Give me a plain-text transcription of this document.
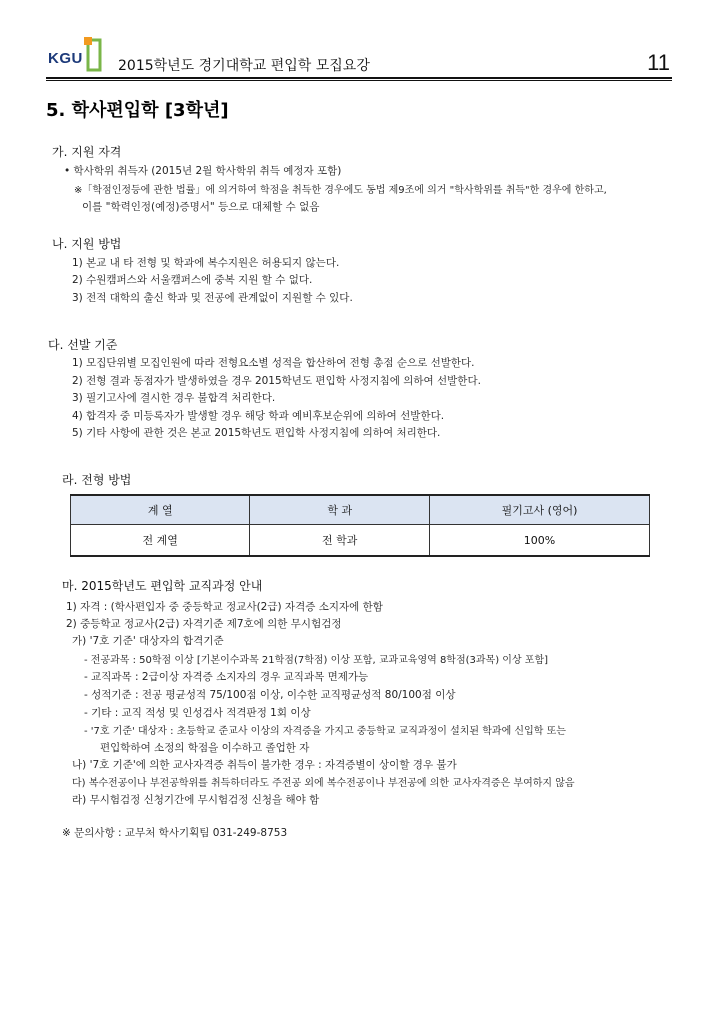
KGU	2015학년도 경기대학교 편입학 모집요강	11
5. 학사편입학 [3학년]
가. 지원 자격
• 학사학위 취득자 (2015년 2월 학사학위 취득 예정자 포함)
※「학점인정등에 관한 법률」에 의거하여 학점을 취득한 경우에도 동법 제9조에 의거 "학사학위를 취득"한 경우에 한하고,
이를 "학력인정(예정)증명서" 등으로 대체할 수 없음
나. 지원 방법
1) 본교 내 타 전형 및 학과에 복수지원은 허용되지 않는다.
2) 수원캠퍼스와 서울캠퍼스에 중복 지원 할 수 없다.
3) 전적 대학의 출신 학과 및 전공에 관계없이 지원할 수 있다.
다. 선발 기준
1) 모집단위별 모집인원에 따라 전형요소별 성적을 합산하여 전형 총점 순으로 선발한다.
2) 전형 결과 동점자가 발생하였을 경우 2015학년도 편입학 사정지침에 의하여 선발한다.
3) 필기고사에 결시한 경우 불합격 처리한다.
4) 합격자 중 미등록자가 발생할 경우 해당 학과 예비후보순위에 의하여 선발한다.
5) 기타 사항에 관한 것은 본교 2015학년도 편입학 사정지침에 의하여 처리한다.
라. 전형 방법
계 열	학 과	필기고사 (영어)
전 계열	전 학과	100%
마. 2015학년도 편입학 교직과정 안내
1) 자격 : (학사편입자 중 중등학교 정교사(2급) 자격증 소지자에 한함
2) 중등학교 정교사(2급) 자격기준 제7호에 의한 무시험검정
가) '7호 기준' 대상자의 합격기준
- 전공과목 : 50학점 이상 [기본이수과목 21학점(7학점) 이상 포함, 교과교육영역 8학점(3과목) 이상 포함]
- 교직과목 : 2급이상 자격증 소지자의 경우 교직과목 면제가능
- 성적기준 : 전공 평균성적 75/100점 이상, 이수한 교직평균성적 80/100점 이상
- 기타 : 교직 적성 및 인성검사 적격판정 1회 이상
- '7호 기준' 대상자 : 초등학교 준교사 이상의 자격증을 가지고 중등학교 교직과정이 설치된 학과에 신입학 또는
편입학하여 소정의 학점을 이수하고 졸업한 자
나) '7호 기준'에 의한 교사자격증 취득이 불가한 경우 : 자격증별이 상이할 경우 불가
다) 복수전공이나 부전공학위를 취득하더라도 주전공 외에 복수전공이나 부전공에 의한 교사자격증은 부여하지 않음
라) 무시험검정 신청기간에 무시험검정 신청을 해야 함
※ 문의사항 : 교무처 학사기획팀 031-249-8753
